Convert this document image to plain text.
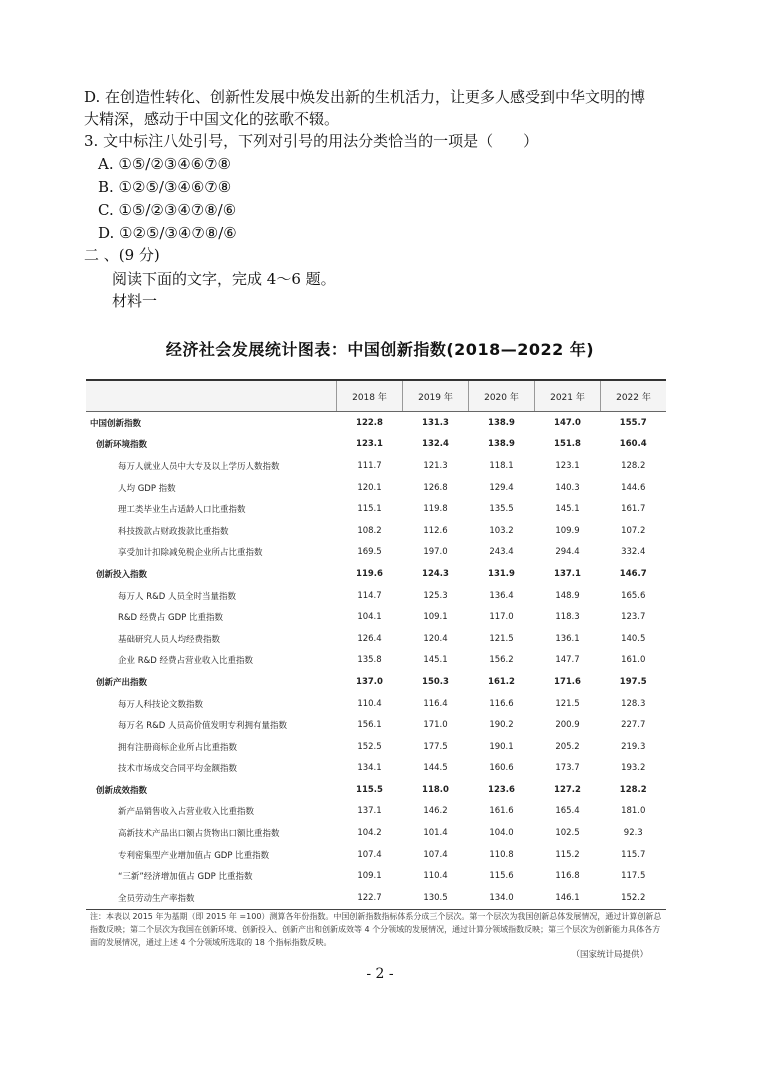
D. 在创造性转化、创新性发展中焕发出新的生机活力，让更多人感受到中华文明的博
大精深，感动于中国文化的弦歌不辍。
3. 文中标注八处引号，下列对引号的用法分类恰当的一项是（　　）
A. ①⑤/②③④⑥⑦⑧
B. ①②⑤/③④⑥⑦⑧
C. ①⑤/②③④⑦⑧/⑥
D. ①②⑤/③④⑦⑧/⑥
二 、(9 分)
阅读下面的文字，完成 4～6 题。
材料一
经济社会发展统计图表：中国创新指数(2018—2022 年)
	2018 年	2019 年	2020 年	2021 年	2022 年
中国创新指数	122.8	131.3	138.9	147.0	155.7
创新环境指数	123.1	132.4	138.9	151.8	160.4
每万人就业人员中大专及以上学历人数指数	111.7	121.3	118.1	123.1	128.2
人均 GDP 指数	120.1	126.8	129.4	140.3	144.6
理工类毕业生占适龄人口比重指数	115.1	119.8	135.5	145.1	161.7
科技拨款占财政拨款比重指数	108.2	112.6	103.2	109.9	107.2
享受加计扣除减免税企业所占比重指数	169.5	197.0	243.4	294.4	332.4
创新投入指数	119.6	124.3	131.9	137.1	146.7
每万人 R&D 人员全时当量指数	114.7	125.3	136.4	148.9	165.6
R&D 经费占 GDP 比重指数	104.1	109.1	117.0	118.3	123.7
基础研究人员人均经费指数	126.4	120.4	121.5	136.1	140.5
企业 R&D 经费占营业收入比重指数	135.8	145.1	156.2	147.7	161.0
创新产出指数	137.0	150.3	161.2	171.6	197.5
每万人科技论文数指数	110.4	116.4	116.6	121.5	128.3
每万名 R&D 人员高价值发明专利拥有量指数	156.1	171.0	190.2	200.9	227.7
拥有注册商标企业所占比重指数	152.5	177.5	190.1	205.2	219.3
技术市场成交合同平均金额指数	134.1	144.5	160.6	173.7	193.2
创新成效指数	115.5	118.0	123.6	127.2	128.2
新产品销售收入占营业收入比重指数	137.1	146.2	161.6	165.4	181.0
高新技术产品出口额占货物出口额比重指数	104.2	101.4	104.0	102.5	92.3
专利密集型产业增加值占 GDP 比重指数	107.4	107.4	110.8	115.2	115.7
“三新”经济增加值占 GDP 比重指数	109.1	110.4	115.6	116.8	117.5
全员劳动生产率指数	122.7	130.5	134.0	146.1	152.2
注：本表以 2015 年为基期（即 2015 年 =100）测算各年份指数。中国创新指数指标体系分成三个层次。第一个层次为我国创新总体发展情况，通过计算创新总指数反映；第二个层次为我国在创新环境、创新投入、创新产出和创新成效等 4 个分领域的发展情况，通过计算分领域指数反映；第三个层次为创新能力具体各方面的发展情况，通过上述 4 个分领域所选取的 18 个指标指数反映。
（国家统计局提供）
- 2 -
